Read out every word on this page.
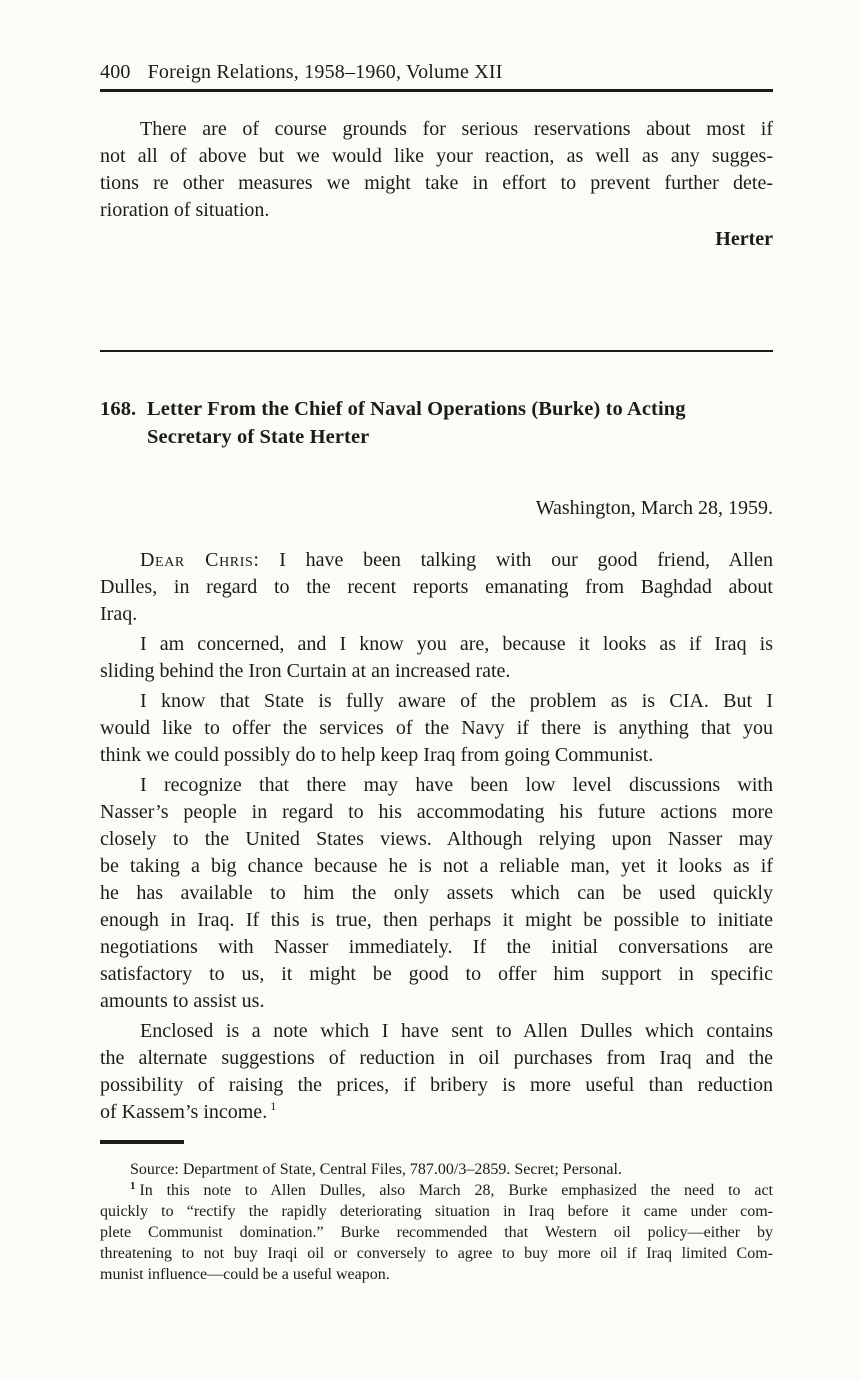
400 Foreign Relations, 1958–1960, Volume XII
There are of course grounds for serious reservations about most if
not all of above but we would like your reaction, as well as any sugges-
tions re other measures we might take in effort to prevent further dete-
rioration of situation.
Herter
168. Letter From the Chief of Naval Operations (Burke) to Acting
Secretary of State Herter
Washington, March 28, 1959.
Dear Chris: I have been talking with our good friend, Allen
Dulles, in regard to the recent reports emanating from Baghdad about
Iraq.
I am concerned, and I know you are, because it looks as if Iraq is
sliding behind the Iron Curtain at an increased rate.
I know that State is fully aware of the problem as is CIA. But I
would like to offer the services of the Navy if there is anything that you
think we could possibly do to help keep Iraq from going Communist.
I recognize that there may have been low level discussions with
Nasser’s people in regard to his accommodating his future actions more
closely to the United States views. Although relying upon Nasser may
be taking a big chance because he is not a reliable man, yet it looks as if
he has available to him the only assets which can be used quickly
enough in Iraq. If this is true, then perhaps it might be possible to initiate
negotiations with Nasser immediately. If the initial conversations are
satisfactory to us, it might be good to offer him support in specific
amounts to assist us.
Enclosed is a note which I have sent to Allen Dulles which contains
the alternate suggestions of reduction in oil purchases from Iraq and the
possibility of raising the prices, if bribery is more useful than reduction
of Kassem’s income. $^1$
Source: Department of State, Central Files, 787.00/3–2859. Secret; Personal.
$^1$ In this note to Allen Dulles, also March 28, Burke emphasized the need to act
quickly to “rectify the rapidly deteriorating situation in Iraq before it came under com-
plete Communist domination.” Burke recommended that Western oil policy—either by
threatening to not buy Iraqi oil or conversely to agree to buy more oil if Iraq limited Com-
munist influence—could be a useful weapon.
